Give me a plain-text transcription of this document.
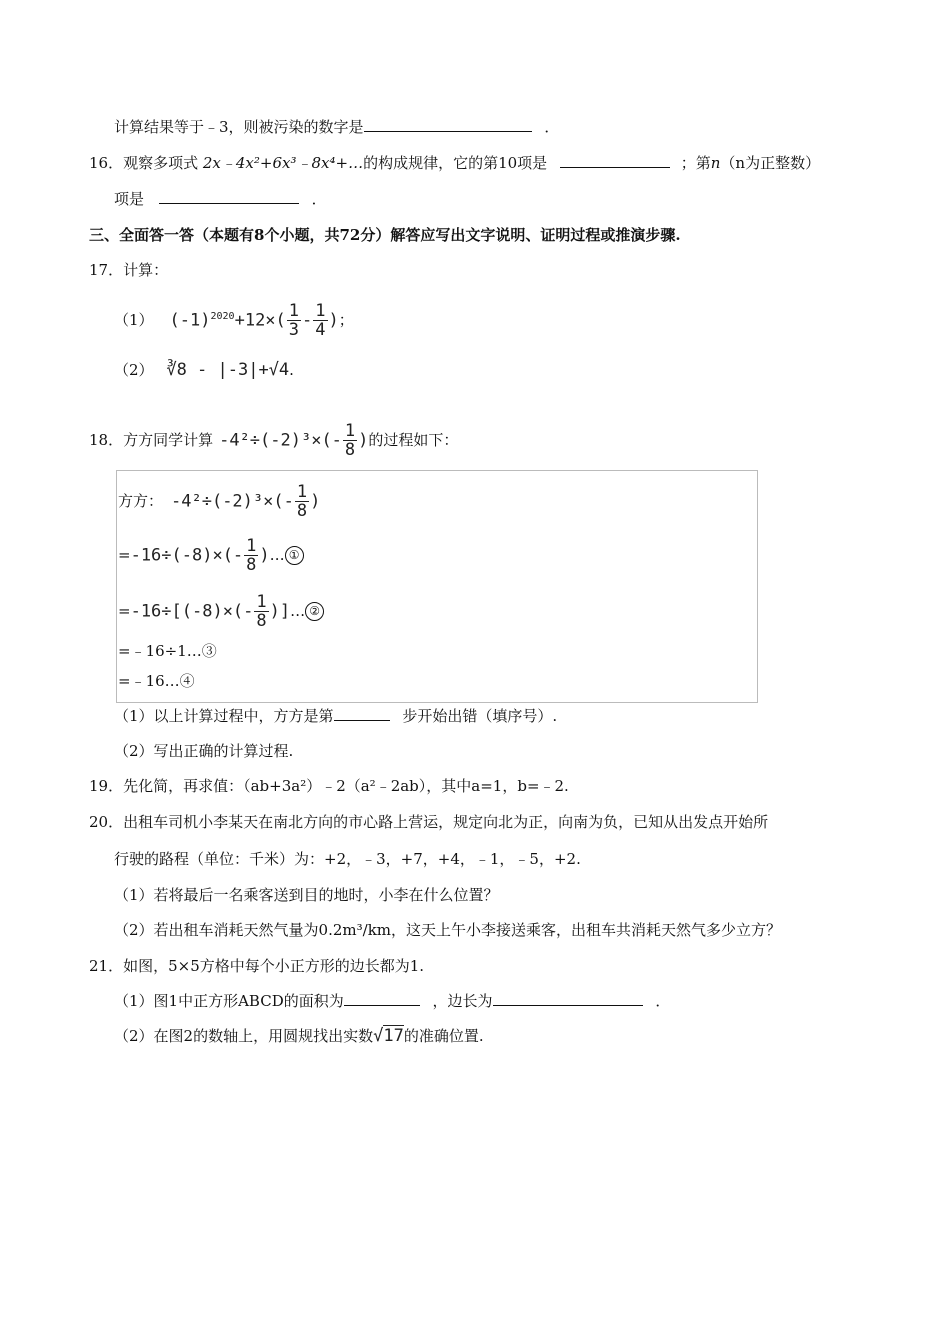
计算结果等于﹣3，则被污染的数字是	．
16．观察多项式 2x﹣4x²+6x³﹣8x⁴+…的构成规律，它的第10项是	；第n（n为正整数）
项是	．
三、全面答一答（本题有8个小题，共72分）解答应写出文字说明、证明过程或推演步骤.
17．计算：
（1） $(-1)^{2020}+12\times( \frac{1}{3} - \frac{1}{4}$ ) ；
（2） ∛8 - |-3|+√4.
18．方方同学计算 $-4^2\div(-2)^3\times(- \frac{1}{8}$ ) 的过程如下：
方方： $-4^2\div(-2)^3\times(- \frac{1}{8}$ )
= $-16\div(-8)\times(- \frac{1}{8}$ ) … ①
= $-16\div[(-8)\times(- \frac{1}{8}$ )] … ②
=﹣16÷1…③
=﹣16…④
（1）以上计算过程中，方方是第	步开始出错（填序号）.
（2）写出正确的计算过程.
19．先化简，再求值：（ab+3a²）﹣2（a²﹣2ab），其中a=1，b=﹣2.
20．出租车司机小李某天在南北方向的市心路上营运，规定向北为正，向南为负，已知从出发点开始所
行驶的路程（单位：千米）为：+2，﹣3，+7，+4，﹣1，﹣5，+2.
（1）若将最后一名乘客送到目的地时，小李在什么位置？
（2）若出租车消耗天然气量为0.2m³/km，这天上午小李接送乘客，出租车共消耗天然气多少立方？
21．如图，5×5方格中每个小正方形的边长都为1.
（1）图1中正方形ABCD的面积为	，边长为	．
（2）在图2的数轴上，用圆规找出实数√17的准确位置.
